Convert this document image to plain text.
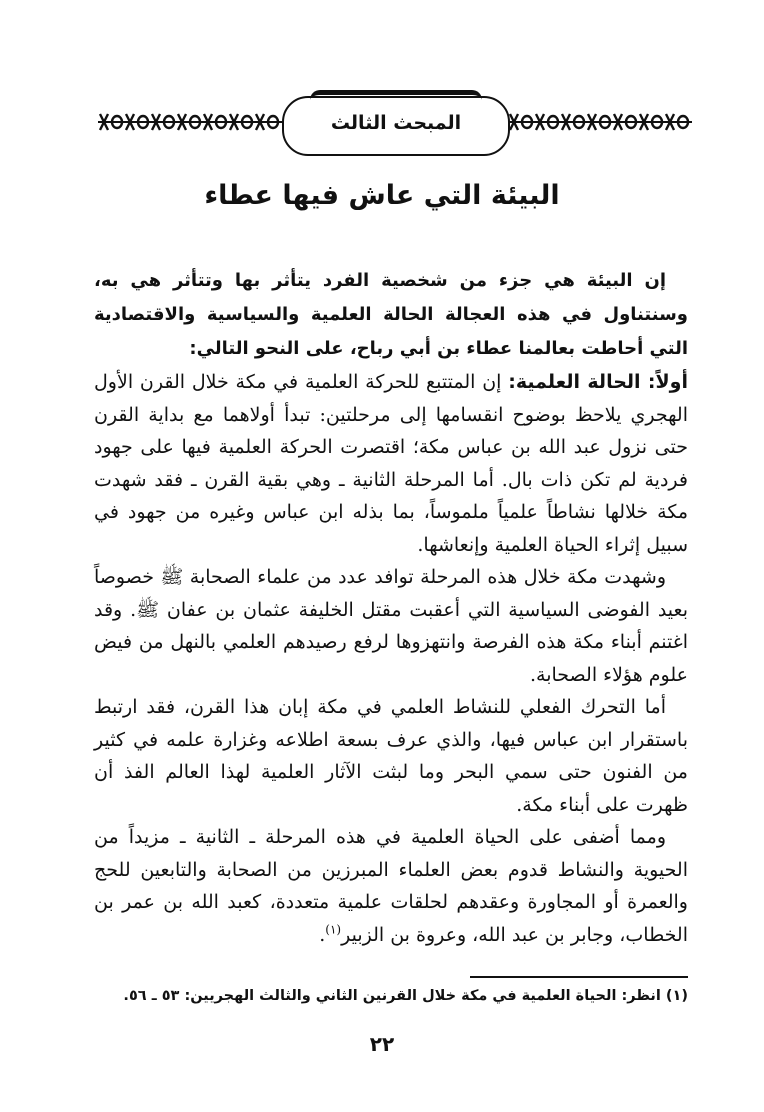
المبحث الثالث
البيئة التي عاش فيها عطاء

إن البيئة هي جزء من شخصية الفرد يتأثر بها وتتأثر هي به، وسنتناول في هذه العجالة الحالة العلمية والسياسية والاقتصادية التي أحاطت بعالمنا عطاء بن أبي رباح، على النحو التالي:

أولاً: الحالة العلمية: إن المتتبع للحركة العلمية في مكة خلال القرن الأول الهجري يلاحظ بوضوح انقسامها إلى مرحلتين: تبدأ أولاهما مع بداية القرن حتى نزول عبد الله بن عباس مكة؛ اقتصرت الحركة العلمية فيها على جهود فردية لم تكن ذات بال. أما المرحلة الثانية ـ وهي بقية القرن ـ فقد شهدت مكة خلالها نشاطاً علمياً ملموساً، بما بذله ابن عباس وغيره من جهود في سبيل إثراء الحياة العلمية وإنعاشها.

وشهدت مكة خلال هذه المرحلة توافد عدد من علماء الصحابة ﷺ خصوصاً بعيد الفوضى السياسية التي أعقبت مقتل الخليفة عثمان بن عفان ﷺ. وقد اغتنم أبناء مكة هذه الفرصة وانتهزوها لرفع رصيدهم العلمي بالنهل من فيض علوم هؤلاء الصحابة.

أما التحرك الفعلي للنشاط العلمي في مكة إبان هذا القرن، فقد ارتبط باستقرار ابن عباس فيها، والذي عرف بسعة اطلاعه وغزارة علمه في كثير من الفنون حتى سمي البحر وما لبثت الآثار العلمية لهذا العالم الفذ أن ظهرت على أبناء مكة.

ومما أضفى على الحياة العلمية في هذه المرحلة ـ الثانية ـ مزيداً من الحيوية والنشاط قدوم بعض العلماء المبرزين من الصحابة والتابعين للحج والعمرة أو المجاورة وعقدهم لحلقات علمية متعددة، كعبد الله بن عمر بن الخطاب، وجابر بن عبد الله، وعروة بن الزبير$^{(١)}$.

(١) انظر: الحياة العلمية في مكة خلال القرنين الثاني والثالث الهجريين: ٥٣ ـ ٥٦.
٢٢
